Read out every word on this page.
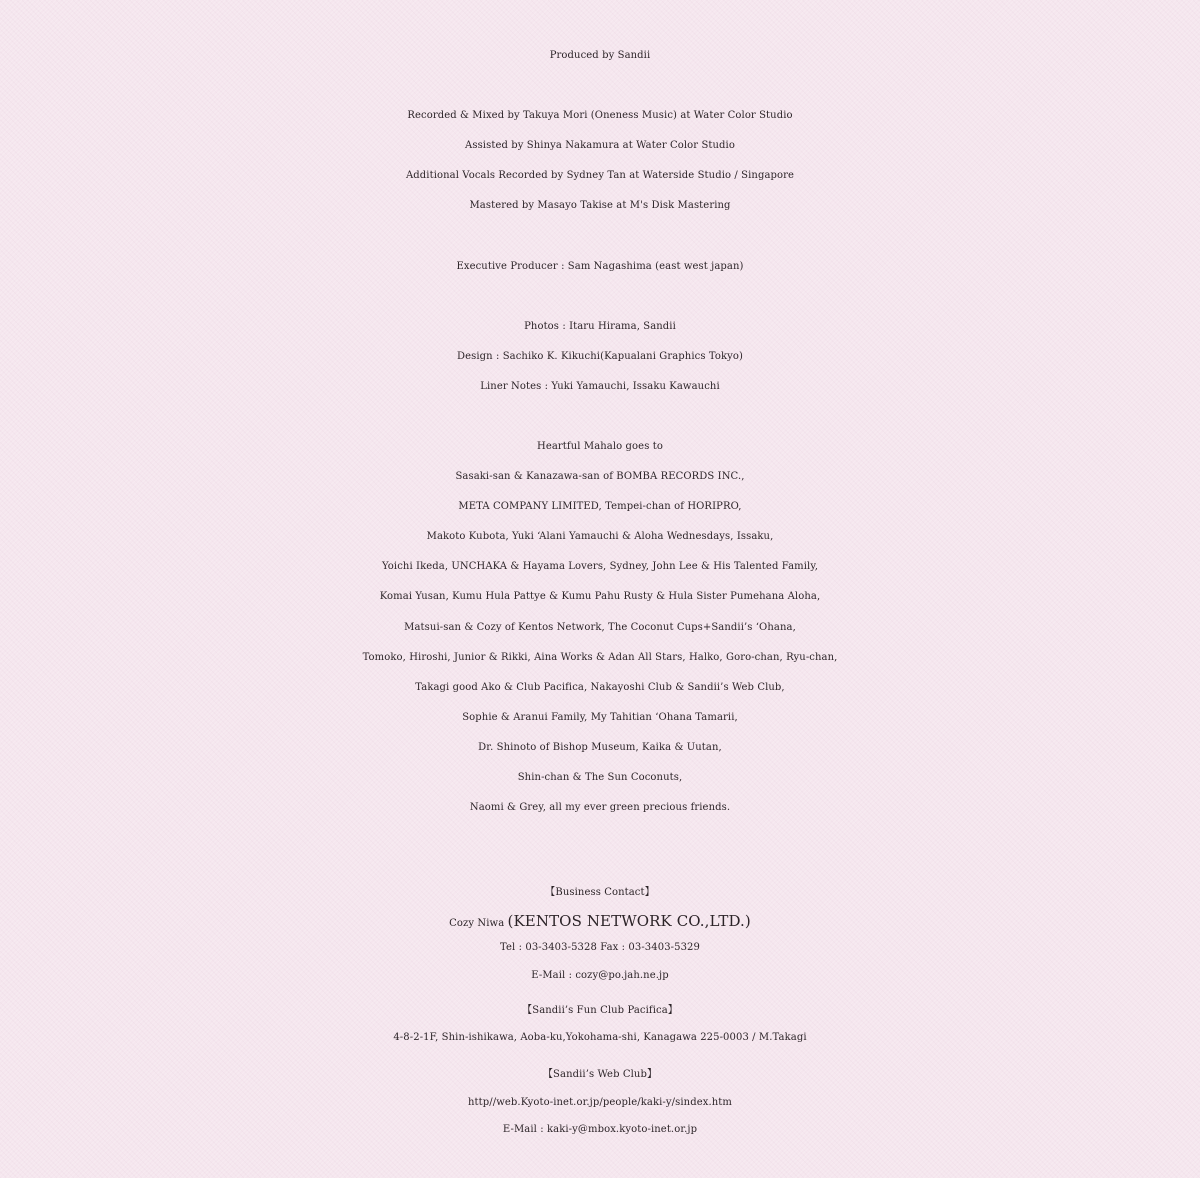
Produced by Sandii
Recorded & Mixed by Takuya Mori (Oneness Music) at Water Color Studio
Assisted by Shinya Nakamura at Water Color Studio
Additional Vocals Recorded by Sydney Tan at Waterside Studio / Singapore
Mastered by Masayo Takise at M's Disk Mastering
Executive Producer : Sam Nagashima (east west japan)
Photos : Itaru Hirama, Sandii
Design : Sachiko K. Kikuchi(Kapualani Graphics Tokyo)
Liner Notes : Yuki Yamauchi, Issaku Kawauchi
Heartful Mahalo goes to
Sasaki-san & Kanazawa-san of BOMBA RECORDS INC.,
META COMPANY LIMITED, Tempei-chan of HORIPRO,
Makoto Kubota, Yuki ‘Alani Yamauchi & Aloha Wednesdays, Issaku,
Yoichi Ikeda, UNCHAKA & Hayama Lovers, Sydney, John Lee & His Talented Family,
Komai Yusan, Kumu Hula Pattye & Kumu Pahu Rusty & Hula Sister Pumehana Aloha,
Matsui-san & Cozy of Kentos Network, The Coconut Cups+Sandii’s ‘Ohana,
Tomoko, Hiroshi, Junior & Rikki, Aina Works & Adan All Stars, Halko, Goro-chan, Ryu-chan,
Takagi good Ako & Club Pacifica, Nakayoshi Club & Sandii’s Web Club,
Sophie & Aranui Family, My Tahitian ‘Ohana Tamarii,
Dr. Shinoto of Bishop Museum, Kaika & Uutan,
Shin-chan & The Sun Coconuts,
Naomi & Grey, all my ever green precious friends.
【Business Contact】
Cozy Niwa (KENTOS NETWORK CO.,LTD.)
Tel : 03-3403-5328 Fax : 03-3403-5329
E-Mail : cozy@po.jah.ne.jp
【Sandii’s Fun Club Pacifica】
4-8-2-1F, Shin-ishikawa, Aoba-ku,Yokohama-shi, Kanagawa 225-0003 / M.Takagi
【Sandii’s Web Club】
http//web.Kyoto-inet.or.jp/people/kaki-y/sindex.htm
E-Mail : kaki-y@mbox.kyoto-inet.or.jp
